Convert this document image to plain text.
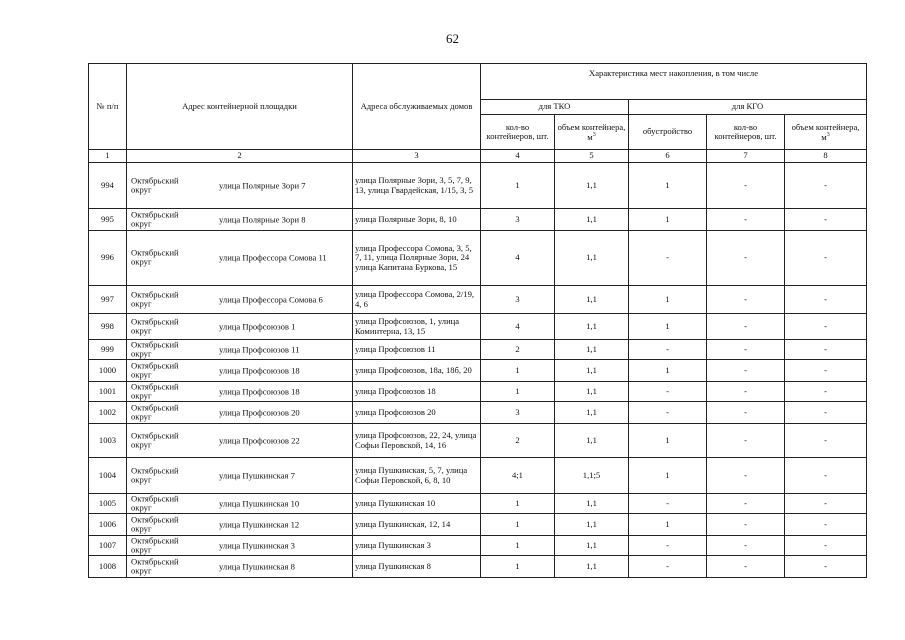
62
№ п/п	Адрес контейнерной площадки	Адреса обслуживаемых домов	Характеристика мест накопления, в том числе				
			для ТКО		для КГО		
			кол-во контейнеров, шт.	объем контейнера, $м^3$	обустройство	кол-во контейнеров, шт.	объем контейнера, $м^3$
1	2	3	4	5	6	7	8
994	Октябрьский округ улица Полярные Зори 7	улица Полярные Зори, 3, 5, 7, 9, 13, улица Гвардейская, 1/15, 3, 5	1	1,1	1	-	-
995	Октябрьский округ улица Полярные Зори 8	улица Полярные Зори, 8, 10	3	1,1	1	-	-
996	Октябрьский округ улица Профессора Сомова 11	улица Профессора Сомова, 3, 5, 7, 11, улица Полярные Зори, 24 улица Капитана Буркова, 15	4	1,1	-	-	-
997	Октябрьский округ улица Профессора Сомова 6	улица Профессора Сомова, 2/19, 4, 6	3	1,1	1	-	-
998	Октябрьский округ улица Профсоюзов 1	улица Профсоюзов, 1, улица Коминтерна, 13, 15	4	1,1	1	-	-
999	Октябрьский округ улица Профсоюзов 11	улица Профсоюзов 11	2	1,1	-	-	-
1000	Октябрьский округ улица Профсоюзов 18	улица Профсоюзов, 18а, 18б, 20	1	1,1	1	-	-
1001	Октябрьский округ улица Профсоюзов 18	улица Профсоюзов 18	1	1,1	-	-	-
1002	Октябрьский округ улица Профсоюзов 20	улица Профсоюзов 20	3	1,1	-	-	-
1003	Октябрьский округ улица Профсоюзов 22	улица Профсоюзов, 22, 24, улица Софьи Перовской, 14, 16	2	1,1	1	-	-
1004	Октябрьский округ улица Пушкинская 7	улица Пушкинская, 5, 7, улица Софьи Перовской, 6, 8, 10	4;1	1,1;5	1	-	-
1005	Октябрьский округ улица Пушкинская 10	улица Пушкинская 10	1	1,1	-	-	-
1006	Октябрьский округ улица Пушкинская 12	улица Пушкинская, 12, 14	1	1,1	1	-	-
1007	Октябрьский округ улица Пушкинская 3	улица Пушкинская 3	1	1,1	-	-	-
1008	Октябрьский округ улица Пушкинская 8	улица Пушкинская 8	1	1,1	-	-	-
